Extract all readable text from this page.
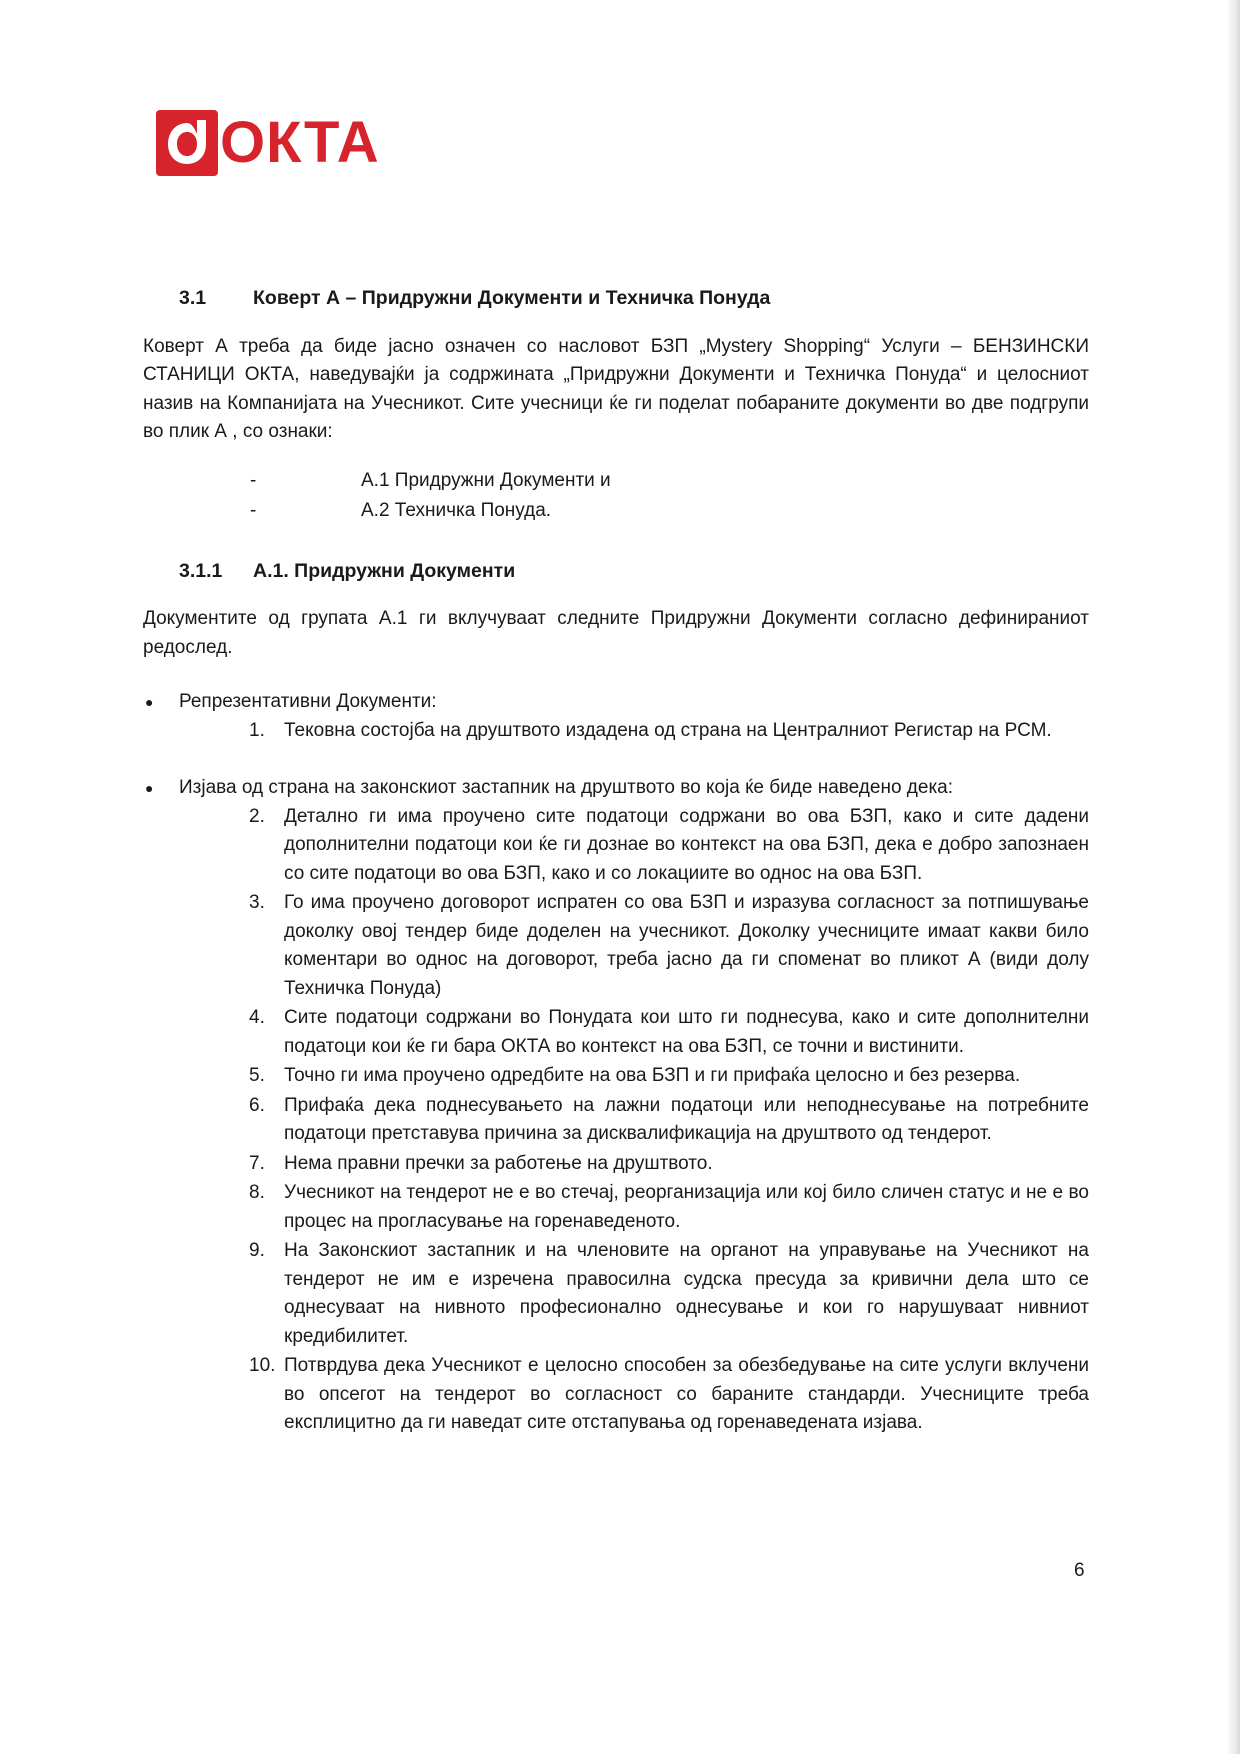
ОКТА
3.1	Коверт А – Придружни Документи и Техничка Понуда
Коверт А треба да биде јасно означен со насловот БЗП „Mystery Shopping“ Услуги – БЕНЗИНСКИ СТАНИЦИ ОКТА, наведувајќи ја содржината „Придружни Документи и Техничка Понуда“ и целосниот назив на Компанијата на Учесникот. Сите учесници ќе ги поделат побараните документи во две подгрупи во плик А , со ознаки:
-	А.1 Придружни Документи и
-	А.2 Техничка Понуда.
3.1.1	А.1. Придружни Документи
Документите од групата А.1 ги вклучуваат следните Придружни Документи согласно дефинираниот редослед.
●	Репрезентативни Документи:
1.	Тековна состојба на друштвото издадена од страна на Централниот Регистар на РСМ.
●	Изјава од страна на законскиот застапник на друштвото во која ќе биде наведено дека:
2.	Детално ги има проучено сите податоци содржани во ова БЗП, како и сите дадени дополнителни податоци кои ќе ги дознае во контекст на ова БЗП, дека е добро запознаен со сите податоци во ова БЗП, како и со локациите во однос на ова БЗП.
3.	Го има проучено договорот испратен со ова БЗП и изразува согласност за потпишување доколку овој тендер биде доделен на учесникот. Доколку учесниците имаат какви било коментари во однос на договорот, треба јасно да ги споменат во пликот А (види долу Техничка Понуда)
4.	Сите податоци содржани во Понудата кои што ги поднесува, како и сите дополнителни податоци кои ќе ги бара ОКТА во контекст на ова БЗП, се точни и вистинити.
5.	Точно ги има проучено одредбите на ова БЗП и ги прифаќа целосно и без резерва.
6.	Прифаќа дека поднесувањето на лажни податоци или неподнесување на потребните податоци претставува причина за дисквалификација на друштвото од тендерот.
7.	Нема правни пречки за работење на друштвото.
8.	Учесникот на тендерот не е во стечај, реорганизација или кој било сличен статус и не е во процес на прогласување на горенаведеното.
9.	На Законскиот застапник и на членовите на органот на управување на Учесникот на тендерот не им е изречена правосилна судска пресуда за кривични дела што се однесуваат на нивното професионално однесување и кои го нарушуваат нивниот кредибилитет.
10. Потврдува дека Учесникот е целосно способен за обезбедување на сите услуги вклучени во опсегот на тендерот во согласност со бараните стандарди. Учесниците треба експлицитно да ги наведат сите отстапувања од горенаведената изјава.
6
